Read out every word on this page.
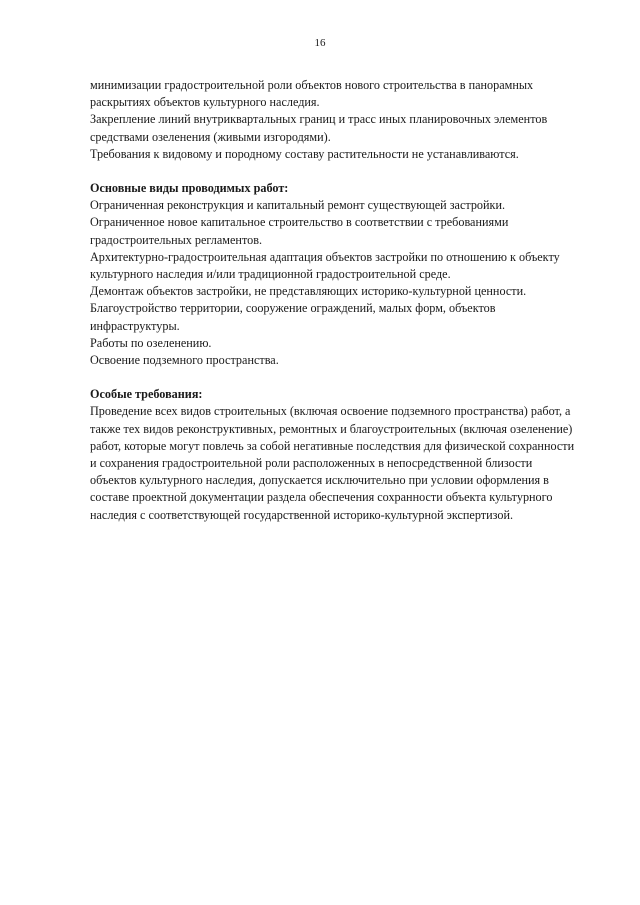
16
минимизации градостроительной роли объектов нового строительства в панорамных
раскрытиях объектов культурного наследия.
Закрепление линий внутриквартальных границ и трасс иных планировочных элементов
средствами озеленения (живыми изгородями).
Требования к видовому и породному составу растительности не устанавливаются.
Основные виды проводимых работ:
Ограниченная реконструкция и капитальный ремонт существующей застройки.
Ограниченное новое капитальное строительство в соответствии с требованиями
градостроительных регламентов.
Архитектурно-градостроительная адаптация объектов застройки по отношению к объекту
культурного наследия и/или традиционной градостроительной среде.
Демонтаж объектов застройки, не представляющих историко-культурной ценности.
Благоустройство территории, сооружение ограждений, малых форм, объектов
инфраструктуры.
Работы по озеленению.
Освоение подземного пространства.
Особые требования:
Проведение всех видов строительных (включая освоение подземного пространства) работ, а
также тех видов реконструктивных, ремонтных и благоустроительных (включая озеленение)
работ, которые могут повлечь за собой негативные последствия для физической сохранности
и сохранения градостроительной роли расположенных в непосредственной близости
объектов культурного наследия, допускается исключительно при условии оформления в
составе проектной документации раздела обеспечения сохранности объекта культурного
наследия с соответствующей государственной историко-культурной экспертизой.
